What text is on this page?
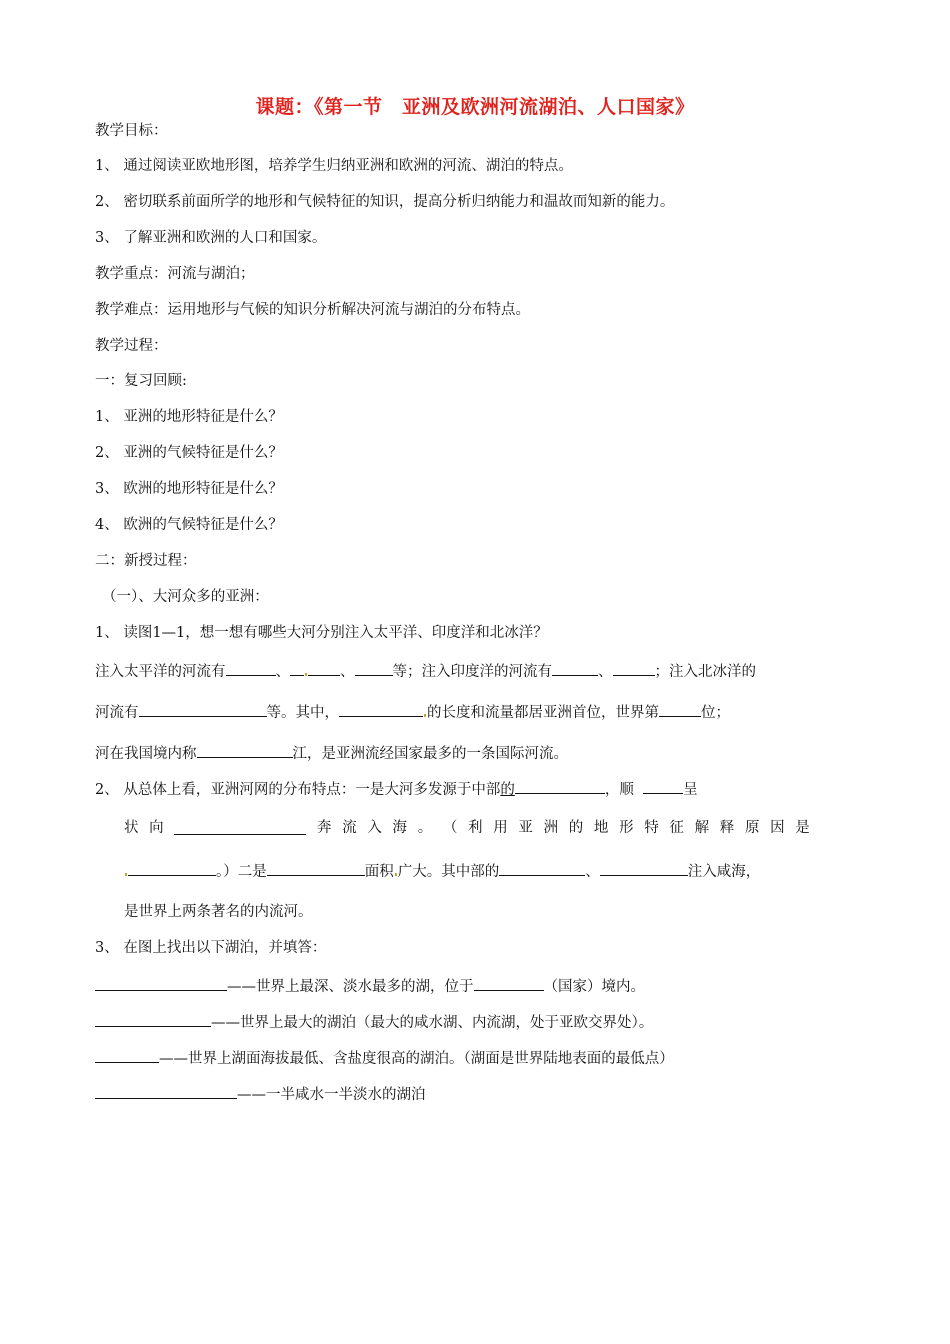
课题：《第一节　亚洲及欧洲河流湖泊、人口国家》
教学目标：
1、 通过阅读亚欧地形图，培养学生归纳亚洲和欧洲的河流、湖泊的特点。
2、 密切联系前面所学的地形和气候特征的知识，提高分析归纳能力和温故而知新的能力。
3、 了解亚洲和欧洲的人口和国家。
教学重点：河流与湖泊；
教学难点：运用地形与气候的知识分析解决河流与湖泊的分布特点。
教学过程：
一：复习回顾:
1、 亚洲的地形特征是什么？
2、 亚洲的气候特征是什么？
3、 欧洲的地形特征是什么？
4、 欧洲的气候特征是什么？
二：新授过程：
（一）、大河众多的亚洲：
1、 读图1—1，想一想有哪些大河分别注入太平洋、印度洋和北冰洋？
注入太平洋的河流有	、	、	等；注入印度洋的河流有	、	；注入北冰洋的
河流有	等。其中，	的长度和流量都居亚洲首位，世界第	位；
河在我国境内称	江，是亚洲流经国家最多的一条国际河流。
2、 从总体上看，亚洲河网的分布特点：一是大河多发源于中部的	，顺	呈
状 向	奔 流 入 海 。 （ 利 用 亚 洲 的 地 形 特 征 解 释 原 因 是
。）二是	面积 广大。其中部的	、	注入咸海，
是世界上两条著名的内流河。
3、 在图上找出以下湖泊，并填答：
——世界上最深、淡水最多的湖，位于	（国家）境内。
——世界上最大的湖泊（最大的咸水湖、内流湖，处于亚欧交界处）。
——世界上湖面海拔最低、含盐度很高的湖泊。（湖面是世界陆地表面的最低点）
——一半咸水一半淡水的湖泊
